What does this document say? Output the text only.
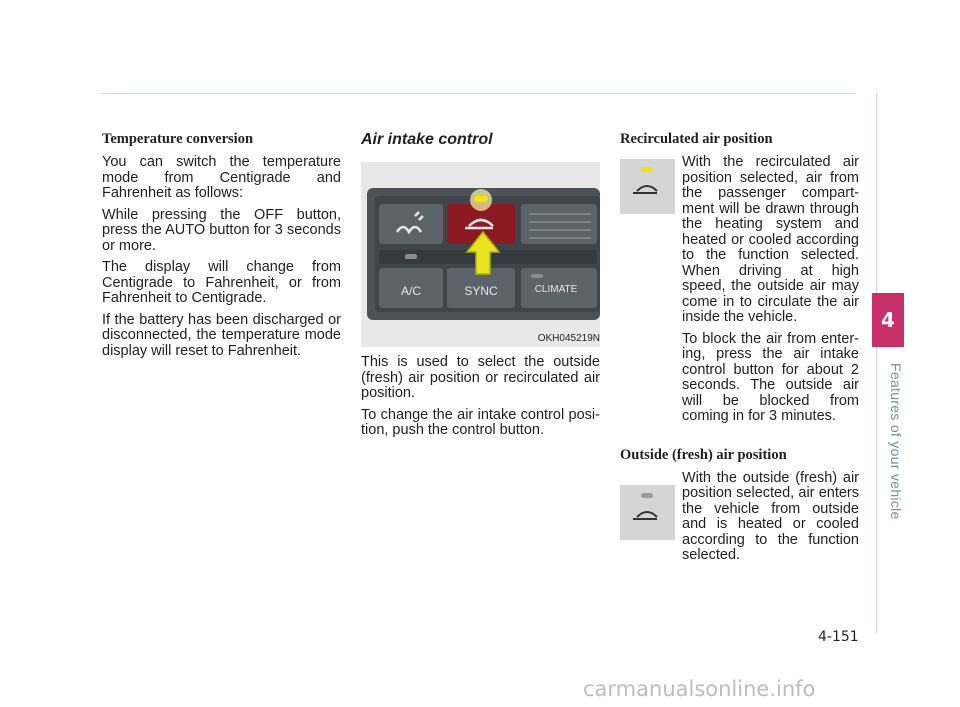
4
Features of your vehicle
Temperature conversion

You can switch the temperature mode from Centigrade and Fahrenheit as follows:

While pressing the OFF button, press the AUTO button for 3 seconds or more.

The display will change from Centigrade to Fahrenheit, or from Fahrenheit to Centigrade.

If the battery has been discharged or disconnected, the temperature mode display will reset to Fahrenheit.

Air intake control
A/C	SYNC	CLIMATE
OKH045219N

This is used to select the outside (fresh) air position or recirculated air position.

To change the air intake control position, push the control button.

Recirculated air position

With the recirculated air position selected, air from the passenger compartment will be drawn through the heating system and heated or cooled according to the function selected. When driving at high speed, the outside air may come in to circulate the air inside the vehicle.

To block the air from entering, press the air intake control button for about 2 seconds. The outside air will be blocked from coming in for 3 minutes.

Outside (fresh) air position

With the outside (fresh) air position selected, air enters the vehicle from outside and is heated or cooled according to the function selected.

4-151
carmanualsonline.info
